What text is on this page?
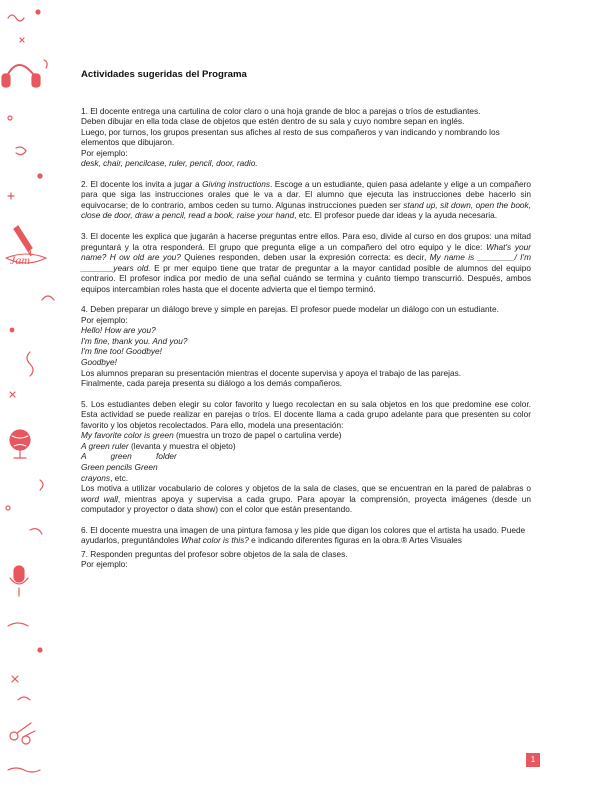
Jam
Actividades sugeridas del Programa

1. El docente entrega una cartulina de color claro o una hoja grande de bloc a parejas o tríos de estudiantes.

Deben dibujar en ella toda clase de objetos que estén dentro de su sala y cuyo nombre sepan en inglés.

Luego, por turnos, los grupos presentan sus afiches al resto de sus compañeros y van indicando y nombrando los elementos que dibujaron.

Por ejemplo:

desk, chair, pencilcase, ruler, pencil, door, radio.

2. El docente los invita a jugar a Giving instructions. Escoge a un estudiante, quien pasa adelante y elige a un compañero para que siga las instrucciones orales que le va a dar. El alumno que ejecuta las instrucciones debe hacerlo sin equivocarse; de lo contrario, ambos ceden su turno. Algunas instrucciones pueden ser stand up, sit down, open the book, close de door, draw a pencil, read a book, raise your hand, etc. El profesor puede dar ideas y la ayuda necesaria.
3. El docente les explica que jugarán a hacerse preguntas entre ellos. Para eso, divide al curso en dos grupos: una mitad preguntará y la otra responderá. El grupo que pregunta elige a un compañero del otro equipo y le dice: What's your name? H ow old are you? Quienes responden, deben usar la expresión correcta: es decir, My name is ________/ I'm _______years old. E pr mer equipo tiene que tratar de preguntar a la mayor cantidad posible de alumnos del equipo contrario. El profesor indica por medio de una señal cuándo se termina y cuánto tiempo transcurrió. Después, ambos equipos intercambian roles hasta que el docente advierta que el tiempo terminó.

4. Deben preparar un diálogo breve y simple en parejas. El profesor puede modelar un diálogo con un estudiante.

Por ejemplo:

Hello! How are you?

I'm fine, thank you. And you?

I'm fine too! Goodbye!

Goodbye!

Los alumnos preparan su presentación mientras el docente supervisa y apoya el trabajo de las parejas.

Finalmente, cada pareja presenta su diálogo a los demás compañeros.

5. Los estudiantes deben elegir su color favorito y luego recolectan en su sala objetos en los que predomine ese color. Esta actividad se puede realizar en parejas o tríos. El docente llama a cada grupo adelante para que presenten su color favorito y los objetos recolectados. Para ello, modela una presentación:

My favorite color is green (muestra un trozo de papel o cartulina verde)

A green ruler (levanta y muestra el objeto)

A green folder

Green pencils Green

crayons, etc.

Los motiva a utilizar vocabulario de colores y objetos de la sala de clases, que se encuentran en la pared de palabras o word wall, mientras apoya y supervisa a cada grupo. Para apoyar la comprensión, proyecta imágenes (desde un computador y proyector o data show) con el color que están presentando.

6. El docente muestra una imagen de una pintura famosa y les pide que digan los colores que el artista ha usado. Puede ayudarlos, preguntándoles What color is this? e indicando diferentes figuras en la obra.® Artes Visuales

7. Responden preguntas del profesor sobre objetos de la sala de clases.

Por ejemplo:

1
